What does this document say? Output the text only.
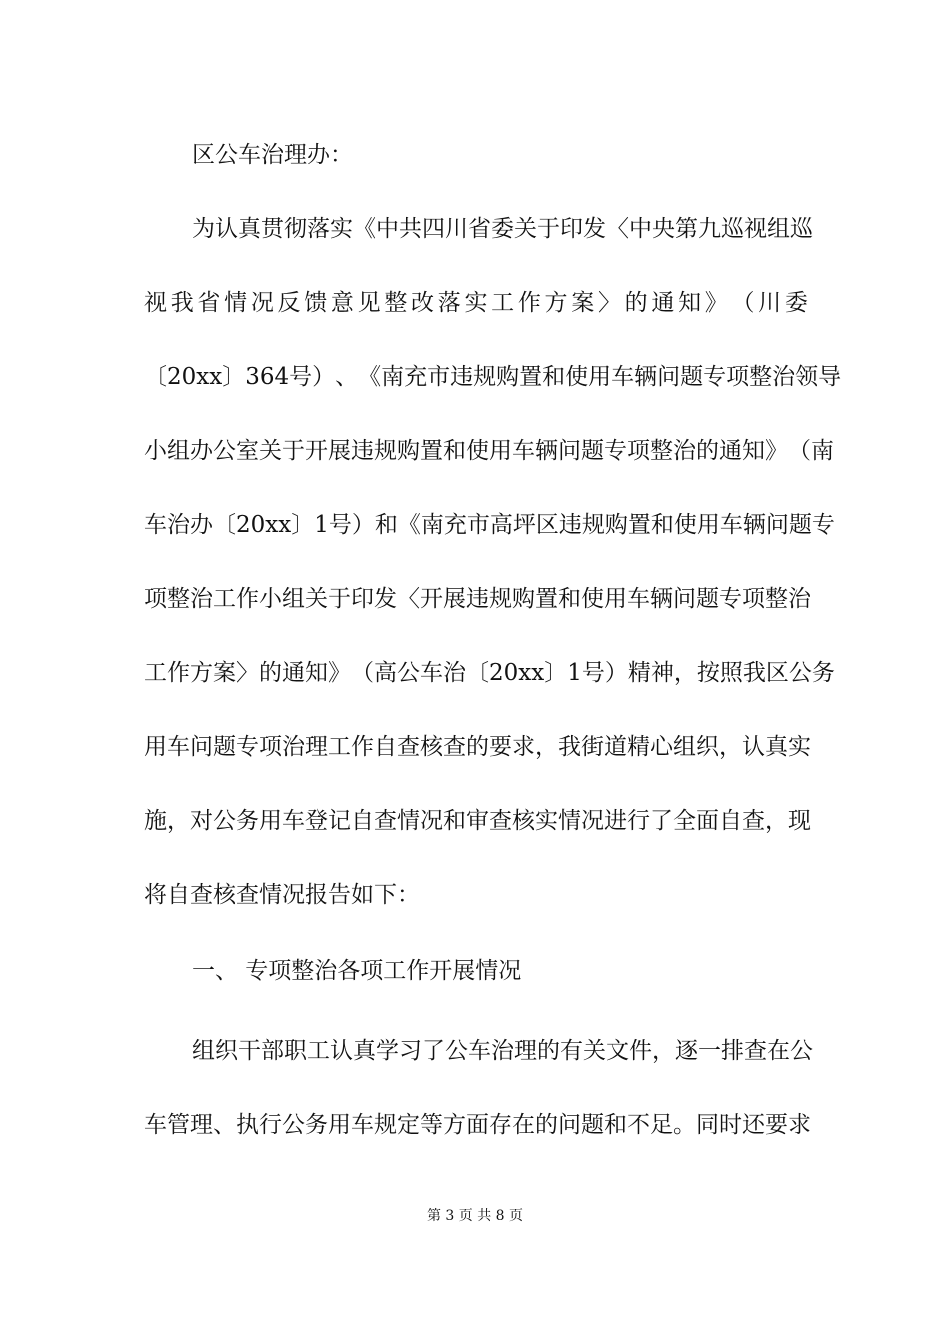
区公车治理办：
为 认 真 贯 彻 落 实 《 中 共 四 川 省 委 关 于 印 发 〈 中 央 第 九 巡 视 组 巡
视 我 省 情 况 反 馈 意 见 整 改 落 实 工 作 方 案 〉 的 通 知 》 （ 川 委
〔 20xx 〕 364 号 ） 、 《 南 充 市 违 规 购 置 和 使 用 车 辆 问 题 专 项 整 治 领 导
小 组 办 公 室 关 于 开 展 违 规 购 置 和 使 用 车 辆 问 题 专 项 整 治 的 通 知 》 （ 南
车 治 办 〔 20xx 〕 1 号 ） 和 《 南 充 市 高 坪 区 违 规 购 置 和 使 用 车 辆 问 题 专
项 整 治 工 作 小 组 关 于 印 发 〈 开 展 违 规 购 置 和 使 用 车 辆 问 题 专 项 整 治
工 作 方 案 〉 的 通 知 》 （ 高 公 车 治 〔 20xx 〕 1 号 ） 精 神 ， 按 照 我 区 公 务
用 车 问 题 专 项 治 理 工 作 自 查 核 查 的 要 求 ， 我 街 道 精 心 组 织 ， 认 真 实
施 ， 对 公 务 用 车 登 记 自 查 情 况 和 审 查 核 实 情 况 进 行 了 全 面 自 查 ， 现
将自查核查情况报告如下：
一、 专项整治各项工作开展情况
组 织 干 部 职 工 认 真 学 习 了 公 车 治 理 的 有 关 文 件 ， 逐 一 排 查 在 公
车 管 理 、 执 行 公 务 用 车 规 定 等 方 面 存 在 的 问 题 和 不 足 。 同 时 还 要 求
第 3 页 共 8 页
